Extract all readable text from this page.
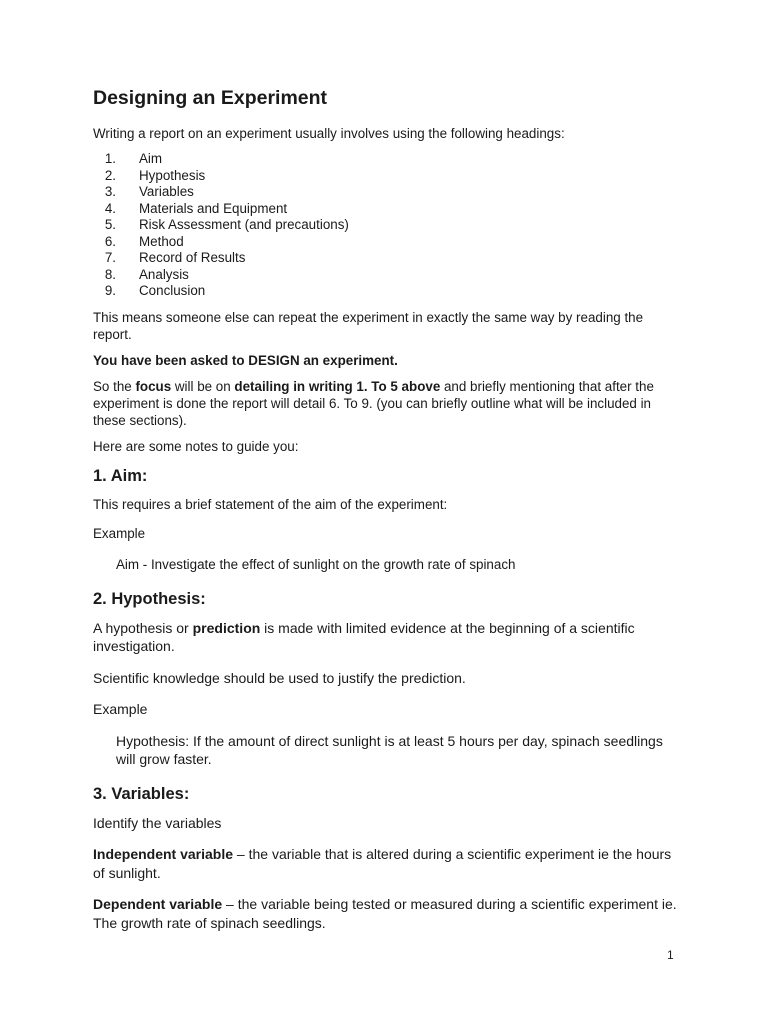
Designing an Experiment
Writing a report on an experiment usually involves using the following headings:
1.	Aim
2.	Hypothesis
3.	Variables
4.	Materials and Equipment
5.	Risk Assessment (and precautions)
6.	Method
7.	Record of Results
8.	Analysis
9.	Conclusion
This means someone else can repeat the experiment in exactly the same way by reading the report.
You have been asked to DESIGN an experiment.
So the focus will be on detailing in writing 1. To 5 above and briefly mentioning that after the experiment is done the report will detail 6. To 9. (you can briefly outline what will be included in these sections).
Here are some notes to guide you:
1. Aim:
This requires a brief statement of the aim of the experiment:
Example
Aim - Investigate the effect of sunlight on the growth rate of spinach
2. Hypothesis:
A hypothesis or prediction is made with limited evidence at the beginning of a scientific investigation.
Scientific knowledge should be used to justify the prediction.
Example
Hypothesis: If the amount of direct sunlight is at least 5 hours per day, spinach seedlings will grow faster.
3. Variables:
Identify the variables
Independent variable – the variable that is altered during a scientific experiment ie the hours of sunlight.
Dependent variable – the variable being tested or measured during a scientific experiment ie. The growth rate of spinach seedlings.
1
